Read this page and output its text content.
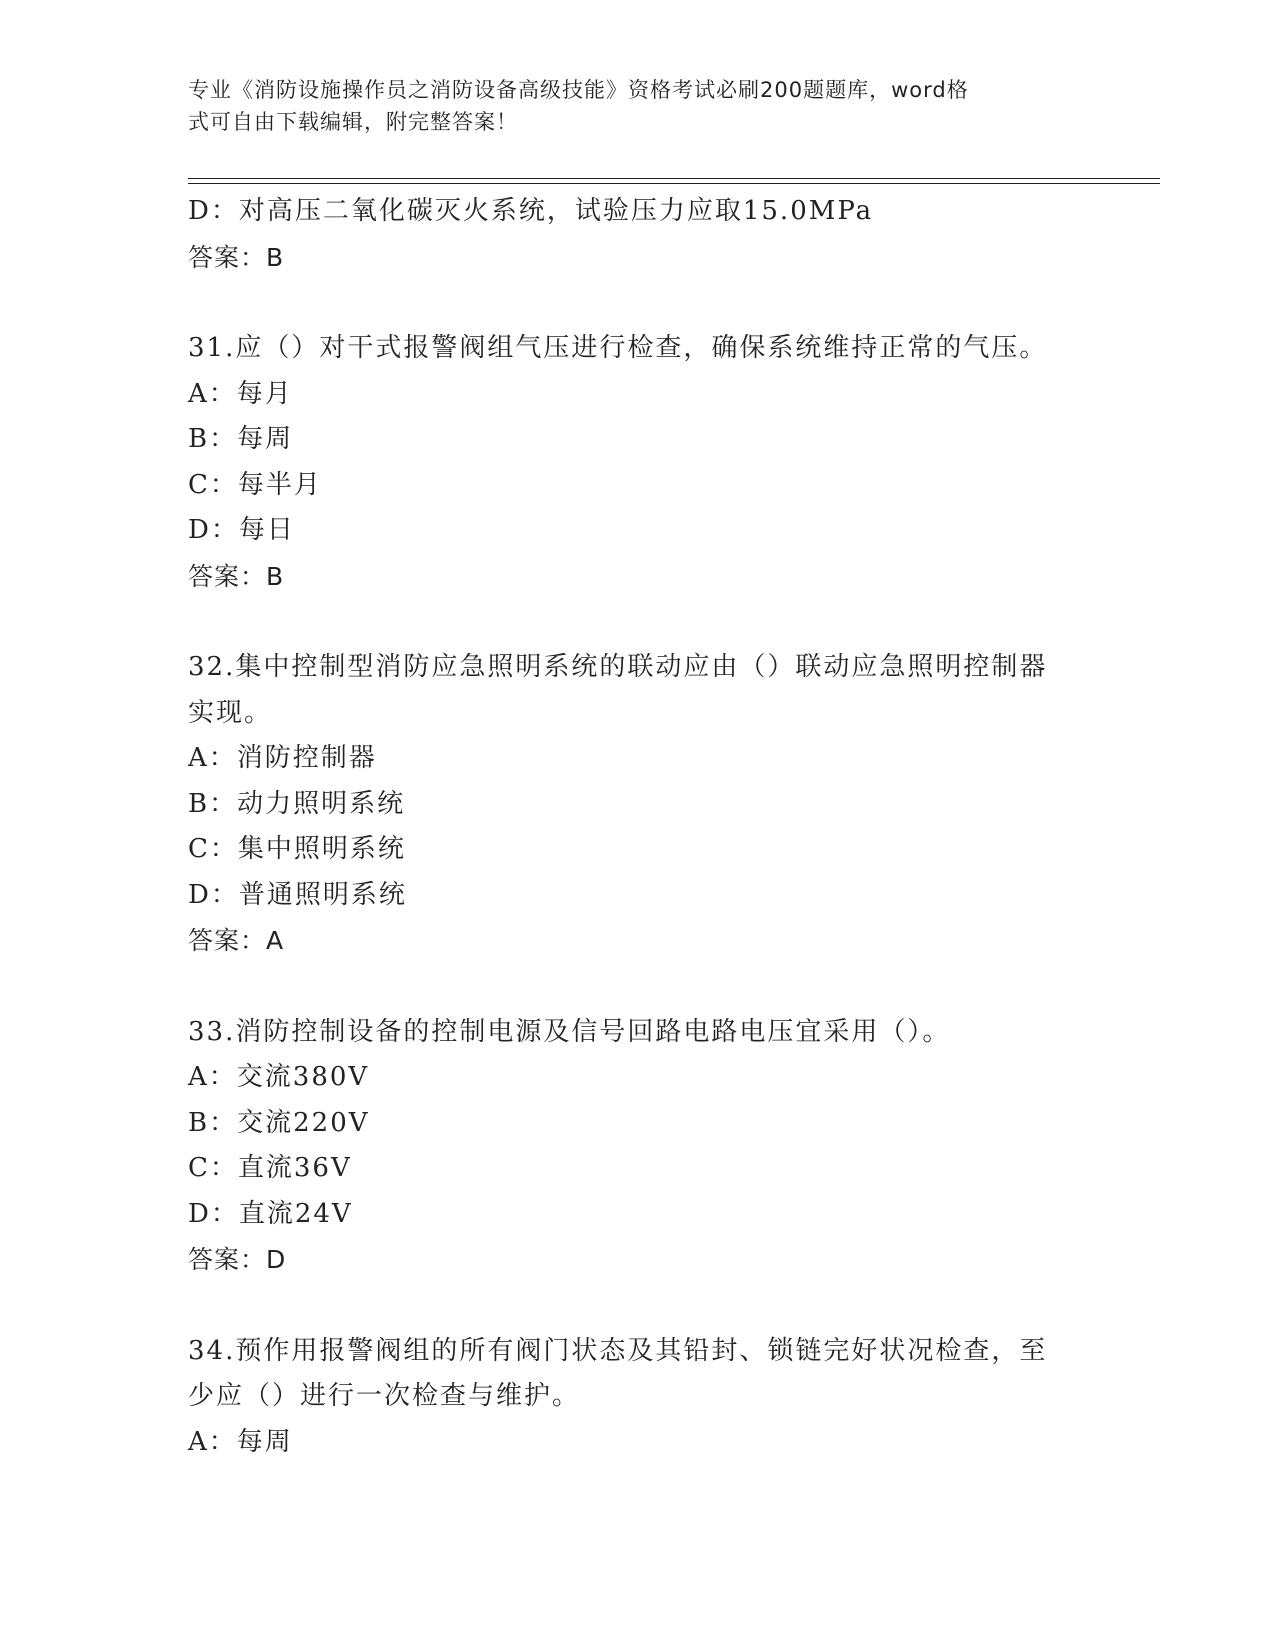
专业《消防设施操作员之消防设备高级技能》资格考试必刷200题题库，word格
式可自由下载编辑，附完整答案！
D：对高压二氧化碳灭火系统，试验压力应取15.0MPa
答案：B
31.应（）对干式报警阀组气压进行检查，确保系统维持正常的气压。
A：每月
B：每周
C：每半月
D：每日
答案：B
32.集中控制型消防应急照明系统的联动应由（）联动应急照明控制器
实现。
A：消防控制器
B：动力照明系统
C：集中照明系统
D：普通照明系统
答案：A
33.消防控制设备的控制电源及信号回路电路电压宜采用（）。
A：交流380V
B：交流220V
C：直流36V
D：直流24V
答案：D
34.预作用报警阀组的所有阀门状态及其铅封、锁链完好状况检查，至
少应（）进行一次检查与维护。
A：每周
